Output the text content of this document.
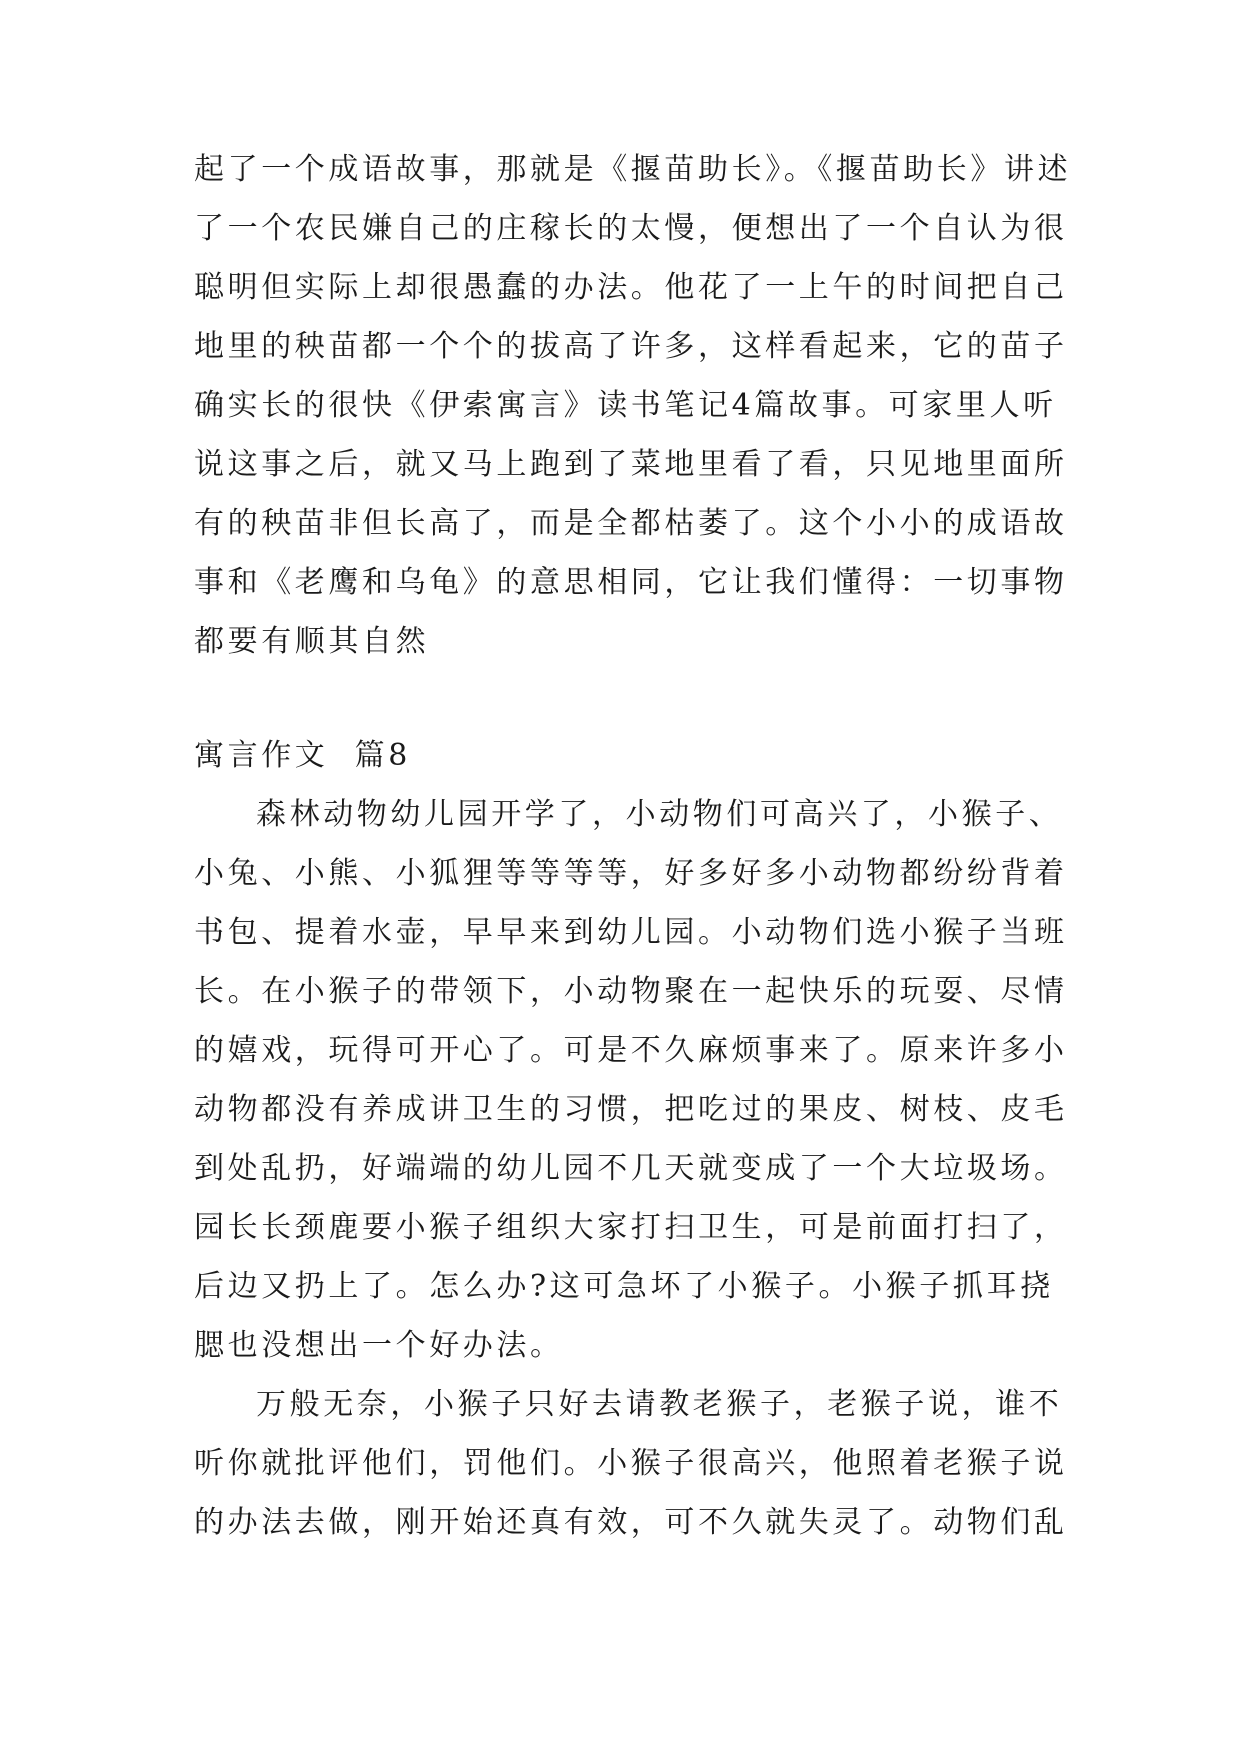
起了一个成语故事，那就是《揠苗助长》。《揠苗助长》讲述
了一个农民嫌自己的庄稼长的太慢，便想出了一个自认为很
聪明但实际上却很愚蠢的办法。他花了一上午的时间把自己
地里的秧苗都一个个的拔高了许多，这样看起来，它的苗子
确实长的很快《伊索寓言》读书笔记4篇故事。可家里人听
说这事之后，就又马上跑到了菜地里看了看，只见地里面所
有的秧苗非但长高了，而是全都枯萎了。这个小小的成语故
事和《老鹰和乌龟》的意思相同，它让我们懂得：一切事物
都要有顺其自然
寓言作文  篇8
森林动物幼儿园开学了，小动物们可高兴了，小猴子、
小兔、小熊、小狐狸等等等等，好多好多小动物都纷纷背着
书包、提着水壶，早早来到幼儿园。小动物们选小猴子当班
长。在小猴子的带领下，小动物聚在一起快乐的玩耍、尽情
的嬉戏，玩得可开心了。可是不久麻烦事来了。原来许多小
动物都没有养成讲卫生的习惯，把吃过的果皮、树枝、皮毛
到处乱扔，好端端的幼儿园不几天就变成了一个大垃圾场。
园长长颈鹿要小猴子组织大家打扫卫生，可是前面打扫了，
后边又扔上了。怎么办?这可急坏了小猴子。小猴子抓耳挠
腮也没想出一个好办法。
万般无奈，小猴子只好去请教老猴子，老猴子说，谁不
听你就批评他们，罚他们。小猴子很高兴，他照着老猴子说
的办法去做，刚开始还真有效，可不久就失灵了。动物们乱
